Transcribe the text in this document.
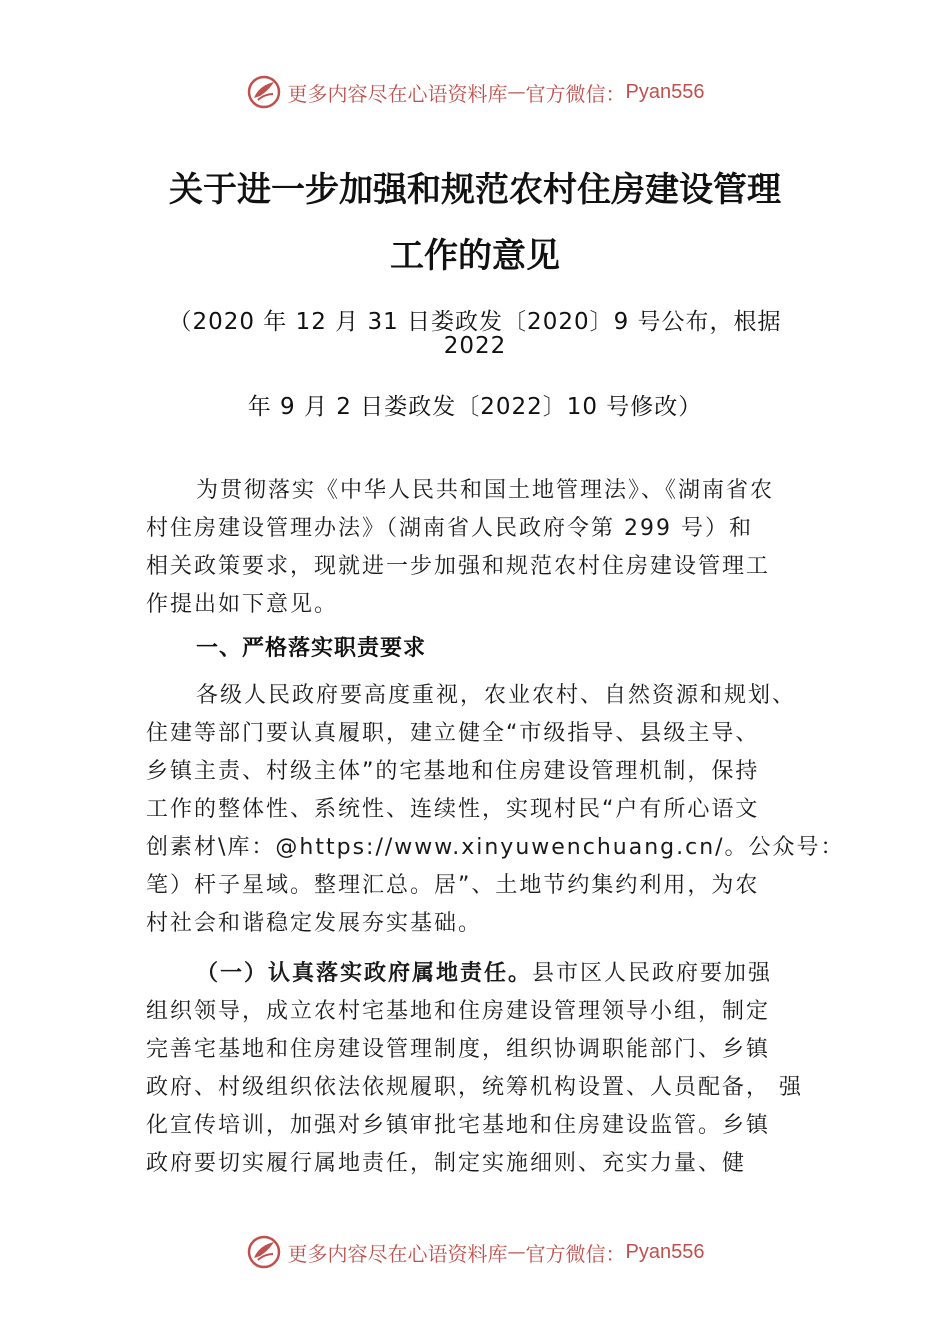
更多内容尽在心语资料库 — 官方微信： Pyan556
关于进一步加强和规范农村住房建设管理
工作的意见
（2020 年 12 月 31 日娄政发〔2020〕9 号公布，根据
2022
年 9 月 2 日娄政发〔2022〕10 号修改）
为贯彻落实《中华人民共和国土地管理法》、《湖南省农
村住房建设管理办法》（湖南省人民政府令第 299 号）和
相关政策要求，现就进一步加强和规范农村住房建设管理工
作提出如下意见。
一、严格落实职责要求
各级人民政府要高度重视，农业农村、自然资源和规划、
住建等部门要认真履职，建立健全“市级指导、县级主导、
乡镇主责、村级主体”的宅基地和住房建设管理机制，保持
工作的整体性、系统性、连续性，实现村民“户有所心语文
创素材\库：@https://www.xinyuwenchuang.cn/。公众号：
笔）杆子星域。整理汇总。居”、土地节约集约利用，为农
村社会和谐稳定发展夯实基础。
（一）认真落实政府属地责任。县市区人民政府要加强
组织领导，成立农村宅基地和住房建设管理领导小组，制定
完善宅基地和住房建设管理制度，组织协调职能部门、乡镇
政府、村级组织依法依规履职，统筹机构设置、人员配备， 强
化宣传培训，加强对乡镇审批宅基地和住房建设监管。乡镇
政府要切实履行属地责任，制定实施细则、充实力量、健
更多内容尽在心语资料库 — 官方微信： Pyan556
